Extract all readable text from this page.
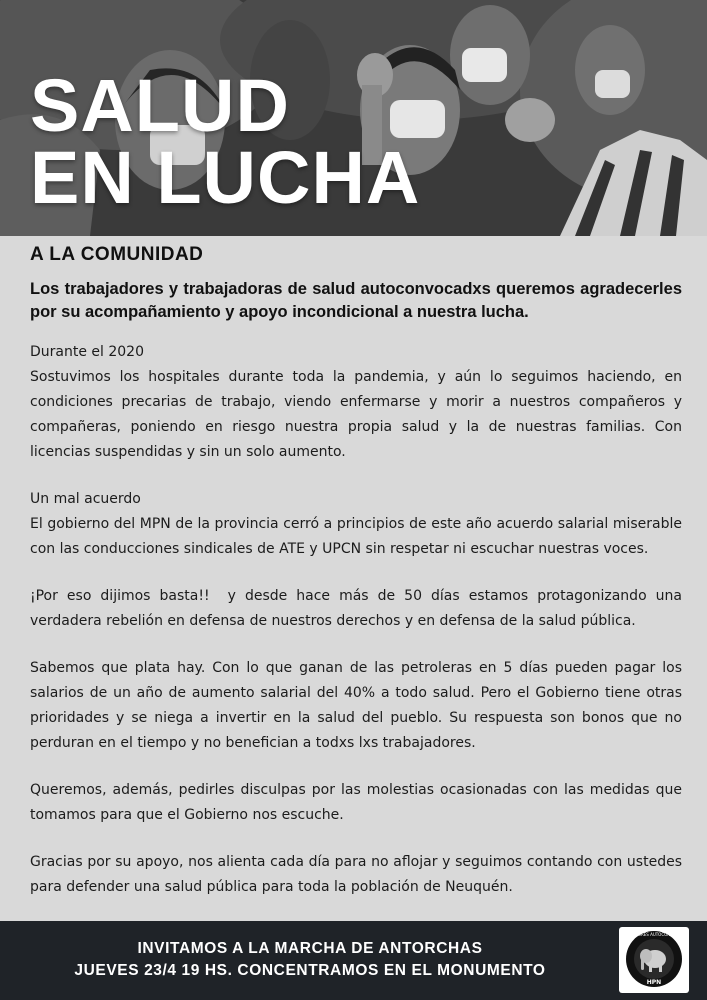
SALUD
EN LUCHA
A LA COMUNIDAD
Los trabajadores y trabajadoras de salud autoconvocadxs queremos agradecerles por su acompañamiento y apoyo incondicional a nuestra lucha.
Durante el 2020
Sostuvimos los hospitales durante toda la pandemia, y aún lo seguimos haciendo, en condiciones precarias de trabajo, viendo enfermarse y morir a nuestros compañeros y compañeras, poniendo en riesgo nuestra propia salud y la de nuestras familias. Con licencias suspendidas y sin un solo aumento.
Un mal acuerdo
El gobierno del MPN de la provincia cerró a principios de este año acuerdo salarial miserable con las conducciones sindicales de ATE y UPCN sin respetar ni escuchar nuestras voces.
¡Por eso dijimos basta!!  y desde hace más de 50 días estamos protagonizando una verdadera rebelión en defensa de nuestros derechos y en defensa de la salud pública.
Sabemos que plata hay. Con lo que ganan de las petroleras en 5 días pueden pagar los salarios de un año de aumento salarial del 40% a todo salud. Pero el Gobierno tiene otras prioridades y se niega a invertir en la salud del pueblo. Su respuesta son bonos que no perduran en el tiempo y no benefician a todxs lxs trabajadores.
Queremos, además, pedirles disculpas por las molestias ocasionadas con las medidas que tomamos para que el Gobierno nos escuche.
Gracias por su apoyo, nos alienta cada día para no aflojar y seguimos contando con ustedes para defender una salud pública para toda la población de Neuquén.
INVITAMOS A LA MARCHA DE ANTORCHAS
JUEVES 23/4 19 HS. CONCENTRAMOS EN EL MONUMENTO
TRABAJADORES AUTOCONVOCADOS
HPN
